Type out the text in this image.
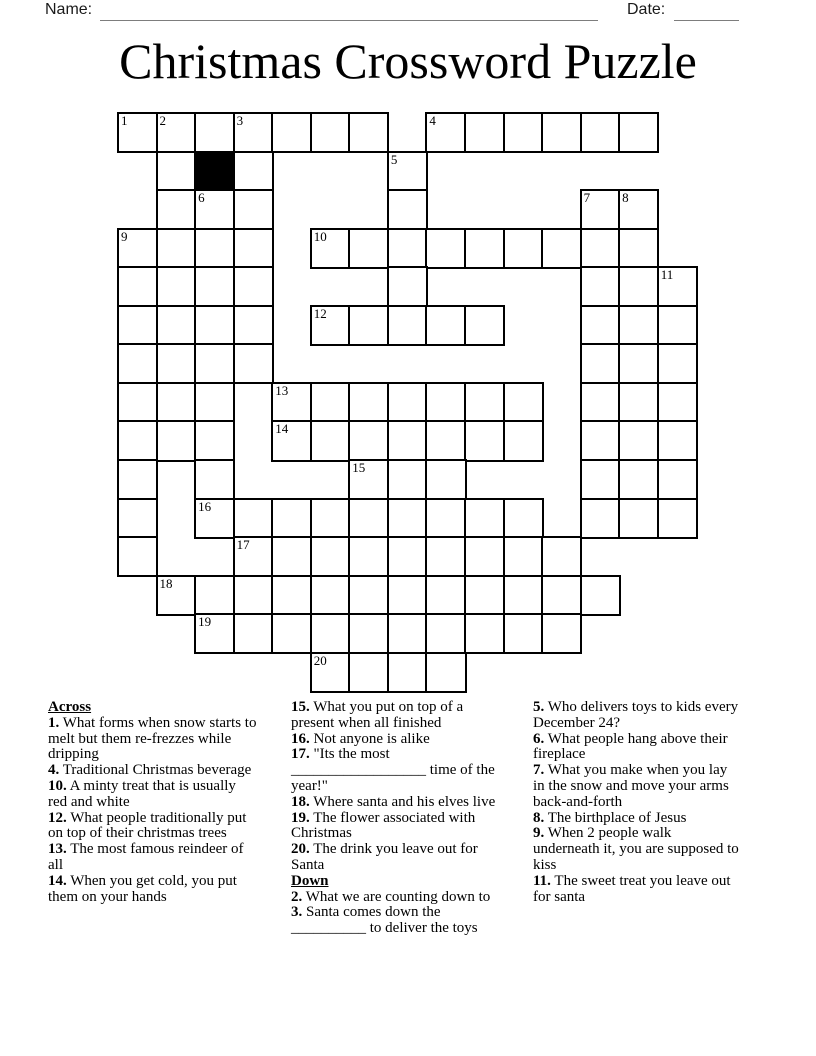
Name:	Date:
Christmas Crossword Puzzle
1 2	3	4
5
6	7 8
9	10
11
12
13
14
15
16
17
18
19
20
Across
1. What forms when snow starts to melt but them re-frezzes while dripping
4. Traditional Christmas beverage
10. A minty treat that is usually red and white
12. What people traditionally put on top of their christmas trees
13. The most famous reindeer of all
14. When you get cold, you put them on your hands
15. What you put on top of a present when all finished
16. Not anyone is alike
17. "Its the most __________________ time of the year!"
18. Where santa and his elves live
19. The flower associated with Christmas
20. The drink you leave out for Santa
Down
2. What we are counting down to
3. Santa comes down the __________ to deliver the toys
5. Who delivers toys to kids every December 24?
6. What people hang above their fireplace
7. What you make when you lay in the snow and move your arms back-and-forth
8. The birthplace of Jesus
9. When 2 people walk underneath it, you are supposed to kiss
11. The sweet treat you leave out for santa
